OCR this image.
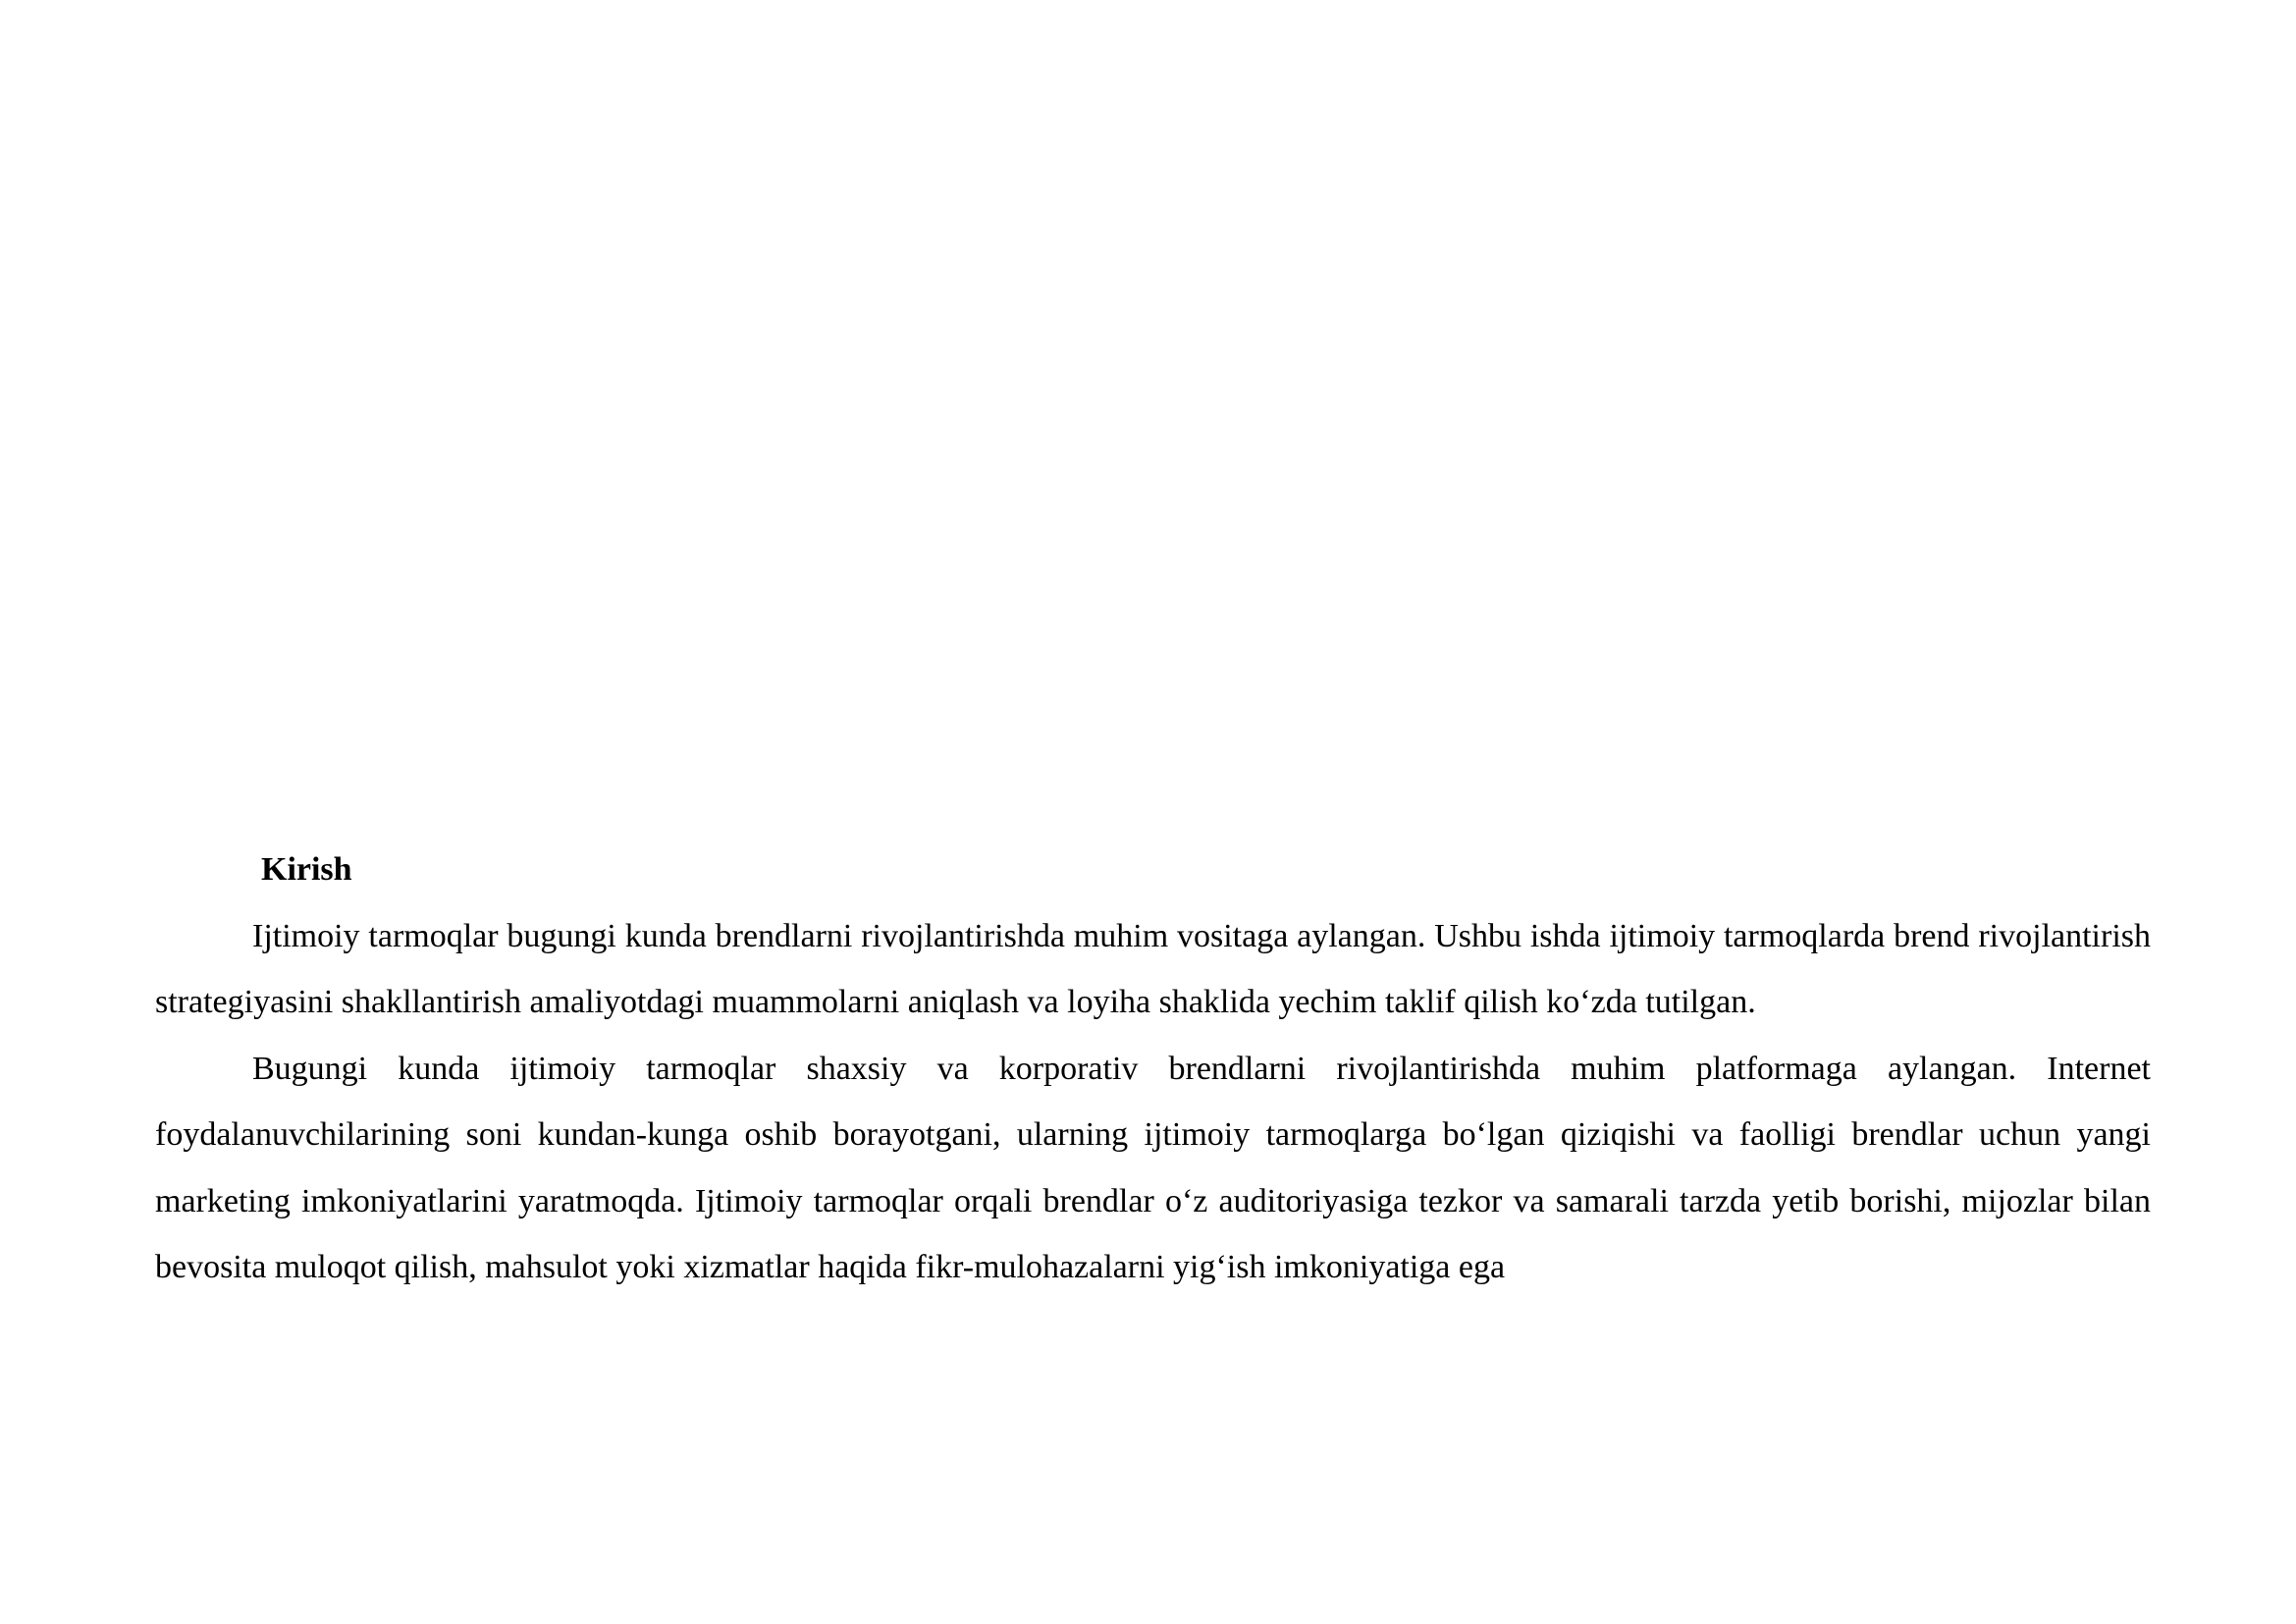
Kirish

Ijtimoiy tarmoqlar bugungi kunda brendlarni rivojlantirishda muhim vositaga aylangan. Ushbu ishda ijtimoiy tarmoqlarda brend rivojlantirish strategiyasini shakllantirish amaliyotdagi muammolarni aniqlash va loyiha shaklida yechim taklif qilish ko‘zda tutilgan.

Bugungi kunda ijtimoiy tarmoqlar shaxsiy va korporativ brendlarni rivojlantirishda muhim platformaga aylangan. Internet foydalanuvchilarining soni kundan-kunga oshib borayotgani, ularning ijtimoiy tarmoqlarga bo‘lgan qiziqishi va faolligi brendlar uchun yangi marketing imkoniyatlarini yaratmoqda. Ijtimoiy tarmoqlar orqali brendlar o‘z auditoriyasiga tezkor va samarali tarzda yetib borishi, mijozlar bilan bevosita muloqot qilish, mahsulot yoki xizmatlar haqida fikr-mulohazalarni yig‘ish imkoniyatiga ega
